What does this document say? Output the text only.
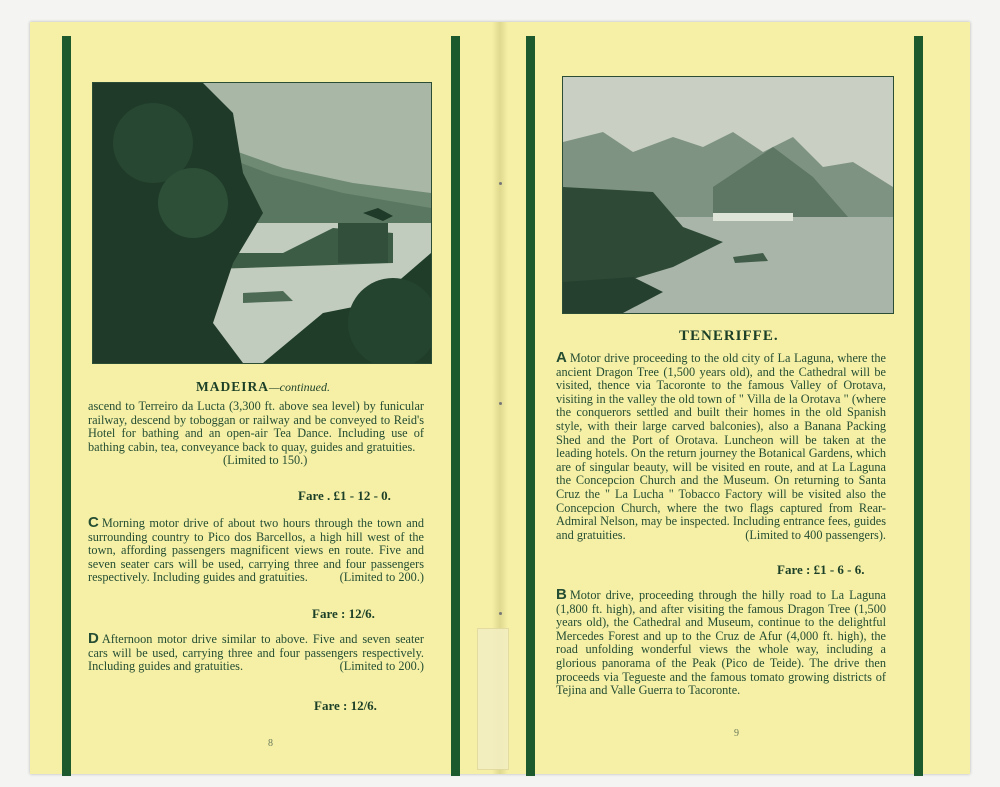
MADEIRA—continued.

ascend to Terreiro da Lucta (3,300 ft. above sea level) by funicular railway, descend by toboggan or railway and be conveyed to Reid's Hotel for bathing and an open-air Tea Dance. Including use of bathing cabin, tea, conveyance back to quay, guides and gratuities.

(Limited to 150.)
Fare . £1 - 12 - 0.

C Morning motor drive of about two hours through the town and surrounding country to Pico dos Barcellos, a high hill west of the town, affording passengers magnificent views en route. Five and seven seater cars will be used, carrying three and four passengers respectively. Including guides and gratuities.	(Limited to 200.)
Fare : 12/6.

D Afternoon motor drive similar to above. Five and seven seater cars will be used, carrying three and four passengers respectively. Including guides and gratuities.	(Limited to 200.)
Fare : 12/6.
8
TENERIFFE.

A Motor drive proceeding to the old city of La Laguna, where the ancient Dragon Tree (1,500 years old), and the Cathedral will be visited, thence via Tacoronte to the famous Valley of Orotava, visiting in the valley the old town of " Villa de la Orotava " (where the conquerors settled and built their homes in the old Spanish style, with their large carved balconies), also a Banana Packing Shed and the Port of Orotava. Luncheon will be taken at the leading hotels. On the return journey the Botanical Gardens, which are of singular beauty, will be visited en route, and at La Laguna the Concepcion Church and the Museum. On returning to Santa Cruz the " La Lucha " Tobacco Factory will be visited also the Concepcion Church, where the two flags captured from Rear-Admiral Nelson, may be inspected. Including entrance fees, guides and gratuities.	(Limited to 400 passengers).
Fare : £1 - 6 - 6.

B Motor drive, proceeding through the hilly road to La Laguna (1,800 ft. high), and after visiting the famous Dragon Tree (1,500 years old), the Cathedral and Museum, continue to the delightful Mercedes Forest and up to the Cruz de Afur (4,000 ft. high), the road unfolding wonderful views the whole way, including a glorious panorama of the Peak (Pico de Teide). The drive then proceeds via Tegueste and the famous tomato growing districts of Tejina and Valle Guerra to Tacoronte.

9
